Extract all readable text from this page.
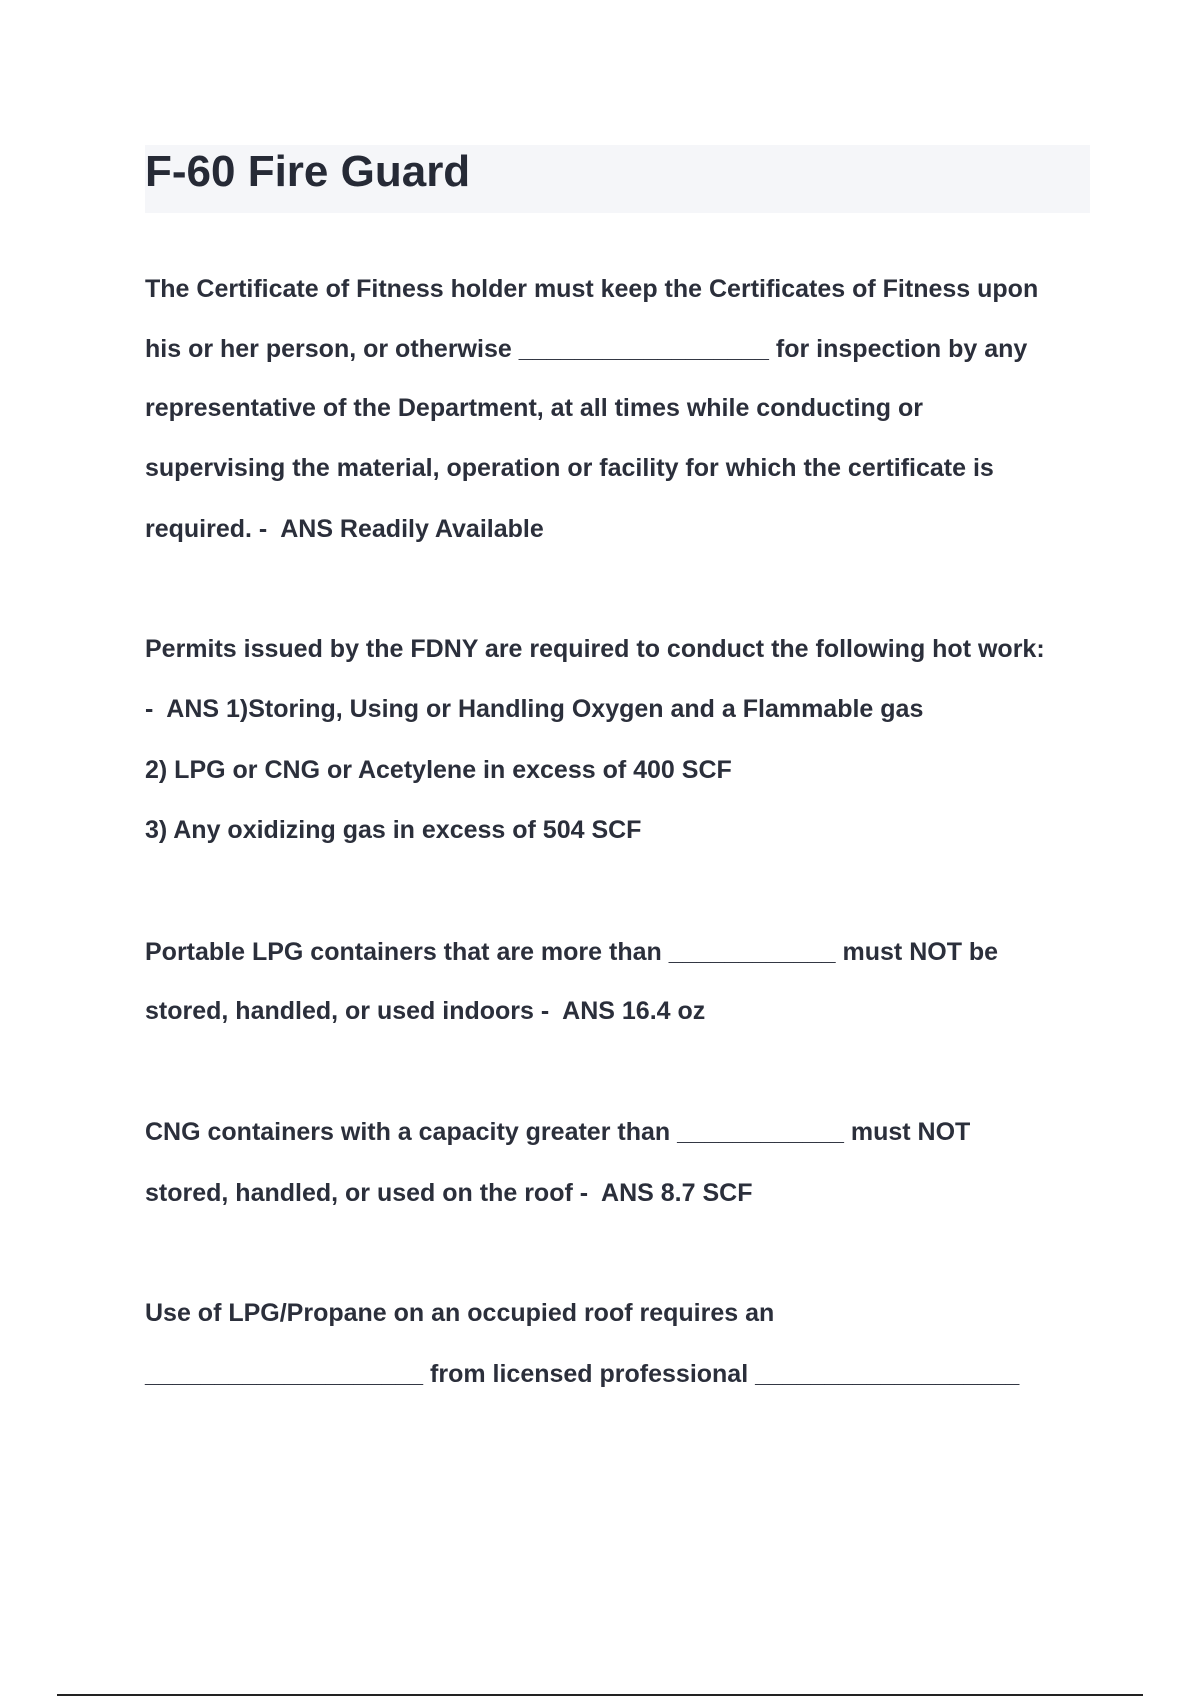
F-60 Fire Guard

The Certificate of Fitness holder must keep the Certificates of Fitness upon

his or her person, or otherwise __________________ for inspection by any

representative of the Department, at all times while conducting or

supervising the material, operation or facility for which the certificate is

required. -  ANS Readily Available

Permits issued by the FDNY are required to conduct the following hot work:

-  ANS 1)Storing, Using or Handling Oxygen and a Flammable gas

2) LPG or CNG or Acetylene in excess of 400 SCF

3) Any oxidizing gas in excess of 504 SCF

Portable LPG containers that are more than ____________ must NOT be

stored, handled, or used indoors -  ANS 16.4 oz

CNG containers with a capacity greater than ____________ must NOT

stored, handled, or used on the roof -  ANS 8.7 SCF

Use of LPG/Propane on an occupied roof requires an

____________________ from licensed professional ___________________
